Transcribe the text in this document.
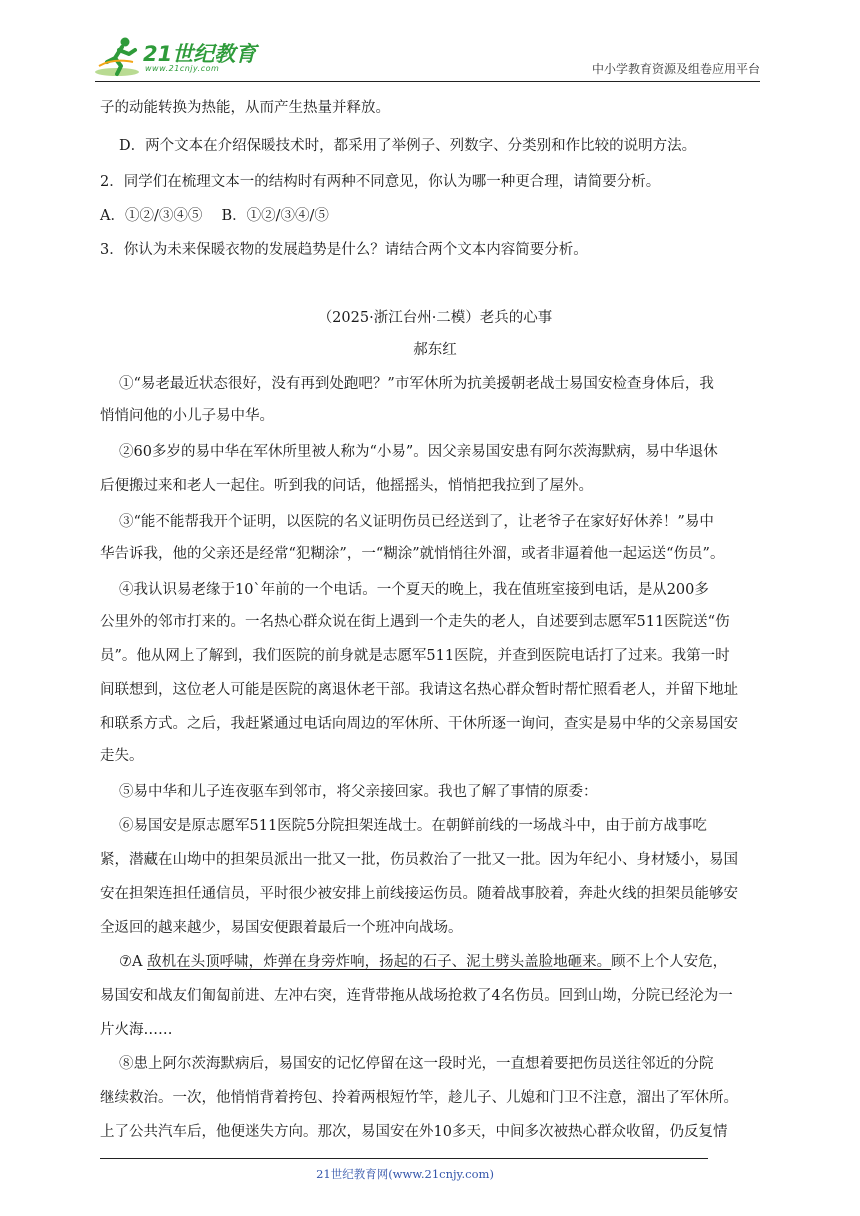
21世纪教育
www.21cnjy.com	中小学教育资源及组卷应用平台
子的动能转换为热能，从而产生热量并释放。
D．两个文本在介绍保暖技术时，都采用了举例子、列数字、分类别和作比较的说明方法。
2．同学们在梳理文本一的结构时有两种不同意见，你认为哪一种更合理，请简要分析。
A．①②/③④⑤　 B．①②/③④/⑤
3．你认为未来保暖衣物的发展趋势是什么？请结合两个文本内容简要分析。
（2025·浙江台州·二模）老兵的心事
郝东红
①“易老最近状态很好，没有再到处跑吧？”市军休所为抗美援朝老战士易国安检查身体后，我
悄悄问他的小儿子易中华。
②60多岁的易中华在军休所里被人称为“小易”。因父亲易国安患有阿尔茨海默病，易中华退休
后便搬过来和老人一起住。听到我的问话，他摇摇头，悄悄把我拉到了屋外。
③“能不能帮我开个证明，以医院的名义证明伤员已经送到了，让老爷子在家好好休养！”易中
华告诉我，他的父亲还是经常“犯糊涂”，一“糊涂”就悄悄往外溜，或者非逼着他一起运送“伤员”。
④我认识易老缘于10`年前的一个电话。一个夏天的晚上，我在值班室接到电话，是从200多
公里外的邻市打来的。一名热心群众说在街上遇到一个走失的老人，自述要到志愿军511医院送“伤
员”。他从网上了解到，我们医院的前身就是志愿军511医院，并查到医院电话打了过来。我第一时
间联想到，这位老人可能是医院的离退休老干部。我请这名热心群众暂时帮忙照看老人，并留下地址
和联系方式。之后，我赶紧通过电话向周边的军休所、干休所逐一询问，查实是易中华的父亲易国安
走失。
⑤易中华和儿子连夜驱车到邻市，将父亲接回家。我也了解了事情的原委：
⑥易国安是原志愿军511医院5分院担架连战士。在朝鲜前线的一场战斗中，由于前方战事吃
紧，潜藏在山坳中的担架员派出一批又一批，伤员救治了一批又一批。因为年纪小、身材矮小，易国
安在担架连担任通信员，平时很少被安排上前线接运伤员。随着战事胶着，奔赴火线的担架员能够安
全返回的越来越少，易国安便跟着最后一个班冲向战场。
⑦A 敌机在头顶呼啸，炸弹在身旁炸响，扬起的石子、泥土劈头盖脸地砸来。顾不上个人安危，
易国安和战友们匍匐前进、左冲右突，连背带拖从战场抢救了4名伤员。回到山坳，分院已经沦为一
片火海……
⑧患上阿尔茨海默病后，易国安的记忆停留在这一段时光，一直想着要把伤员送往邻近的分院
继续救治。一次，他悄悄背着挎包、拎着两根短竹竿，趁儿子、儿媳和门卫不注意，溜出了军休所。
上了公共汽车后，他便迷失方向。那次，易国安在外10多天，中间多次被热心群众收留，仍反复情
21世纪教育网(www.21cnjy.com)
